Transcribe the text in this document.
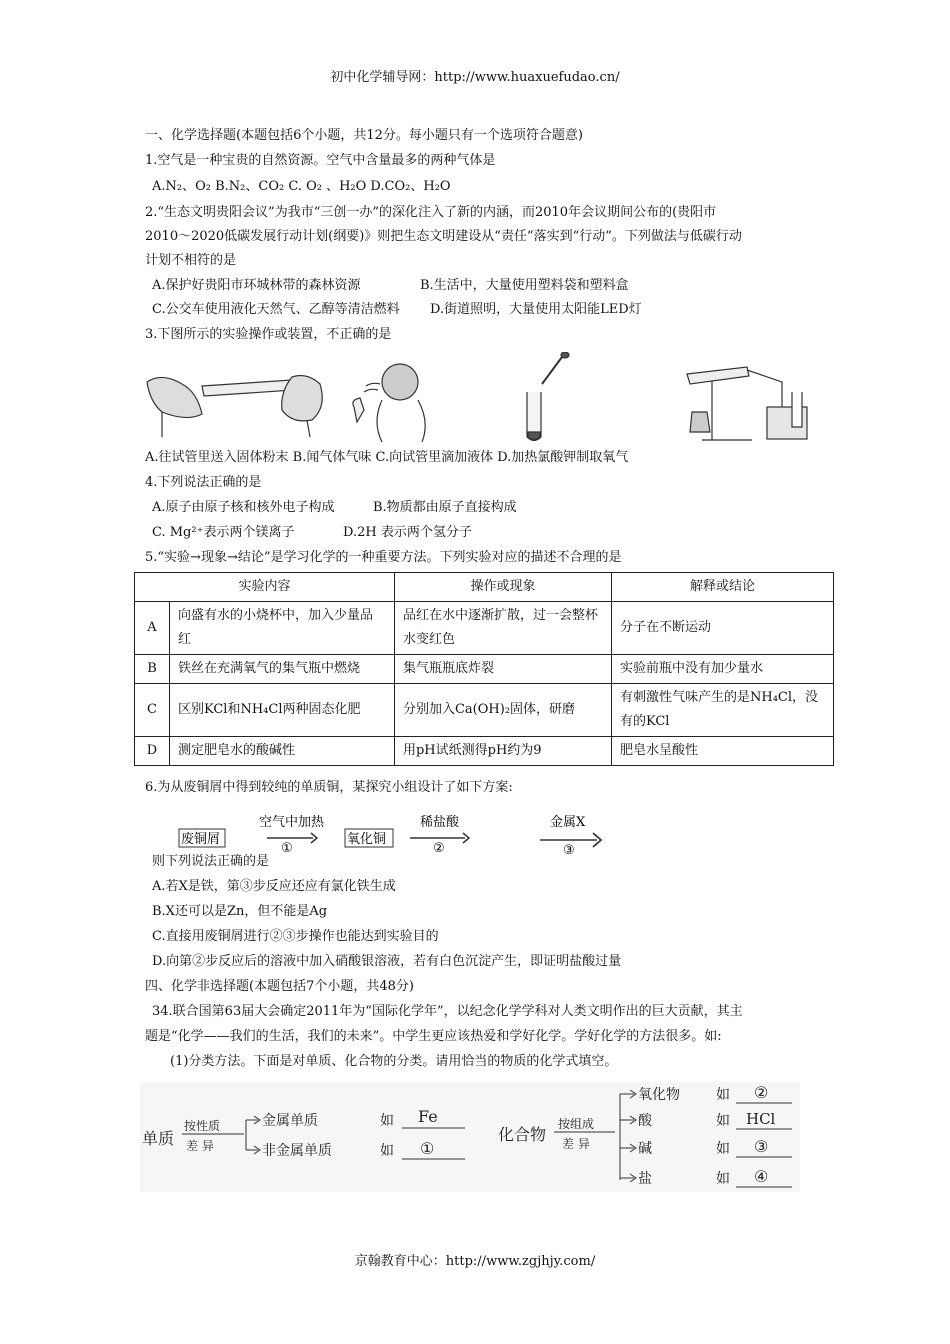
初中化学辅导网：http://www.huaxuefudao.cn/
一、化学选择题(本题包括6个小题，共12分。每小题只有一个选项符合题意)
1.空气是一种宝贵的自然资源。空气中含量最多的两种气体是
A.N₂、O₂ B.N₂、CO₂ C. O₂ 、H₂O D.CO₂、H₂O
2.“生态文明贵阳会议”为我市“三创一办”的深化注入了新的内涵，而2010年会议期间公布的(贵阳市
2010～2020低碳发展行动计划(纲要)》则把生态文明建设从“责任”落实到“行动”。下列做法与低碳行动
计划不相符的是
A.保护好贵阳市环城林带的森林资源	B.生活中，大量使用塑料袋和塑料盒
C.公交车使用液化天然气、乙醇等清洁燃料 D.街道照明，大量使用太阳能LED灯
3.下图所示的实验操作或装置，不正确的是
A.往试管里送入固体粉末 B.闻气体气味 C.向试管里滴加液体 D.加热氯酸钾制取氧气
4.下列说法正确的是
A.原子由原子核和核外电子构成	B.物质都由原子直接构成
C. Mg²⁺表示两个镁离子	D.2H 表示两个氢分子
5.“实验→现象→结论”是学习化学的一种重要方法。下列实验对应的描述不合理的是
实验内容		操作或现象	解释或结论
A	向盛有水的小烧杯中，加入少量品红	品红在水中逐渐扩散，过一会整杯水变红色	分子在不断运动
B	铁丝在充满氧气的集气瓶中燃烧	集气瓶瓶底炸裂	实验前瓶中没有加少量水
C	区别KCl和NH₄Cl两种固态化肥	分别加入Ca(OH)₂固体，研磨	有刺激性气味产生的是NH₄Cl，没有的KCl
D	测定肥皂水的酸碱性	用pH试纸测得pH约为9	肥皂水呈酸性
6.为从废铜屑中得到较纯的单质铜，某探究小组设计了如下方案:
废铜屑
空气中加热
①
氧化铜
稀盐酸
②
金属X
③
则下列说法正确的是
A.若X是铁，第③步反应还应有氯化铁生成
B.X还可以是Zn，但不能是Ag
C.直接用废铜屑进行②③步操作也能达到实验目的
D.向第②步反应后的溶液中加入硝酸银溶液，若有白色沉淀产生，即证明盐酸过量
四、化学非选择题(本题包括7个小题，共48分)
34.联合国第63届大会确定2011年为“国际化学年”，以纪念化学学科对人类文明作出的巨大贡献，其主
题是“化学——我们的生活，我们的未来”。中学生更应该热爱和学好化学。学好化学的方法很多。如:
(1)分类方法。下面是对单质、化合物的分类。请用恰当的物质的化学式填空。
单质
按性质
差 异
金属单质
非金属单质
如
如
Fe
①
化合物
按组成
差 异
氧化物
酸
碱
盐
如
如
如
如
②
HCl
③
④
京翰教育中心：http://www.zgjhjy.com/
